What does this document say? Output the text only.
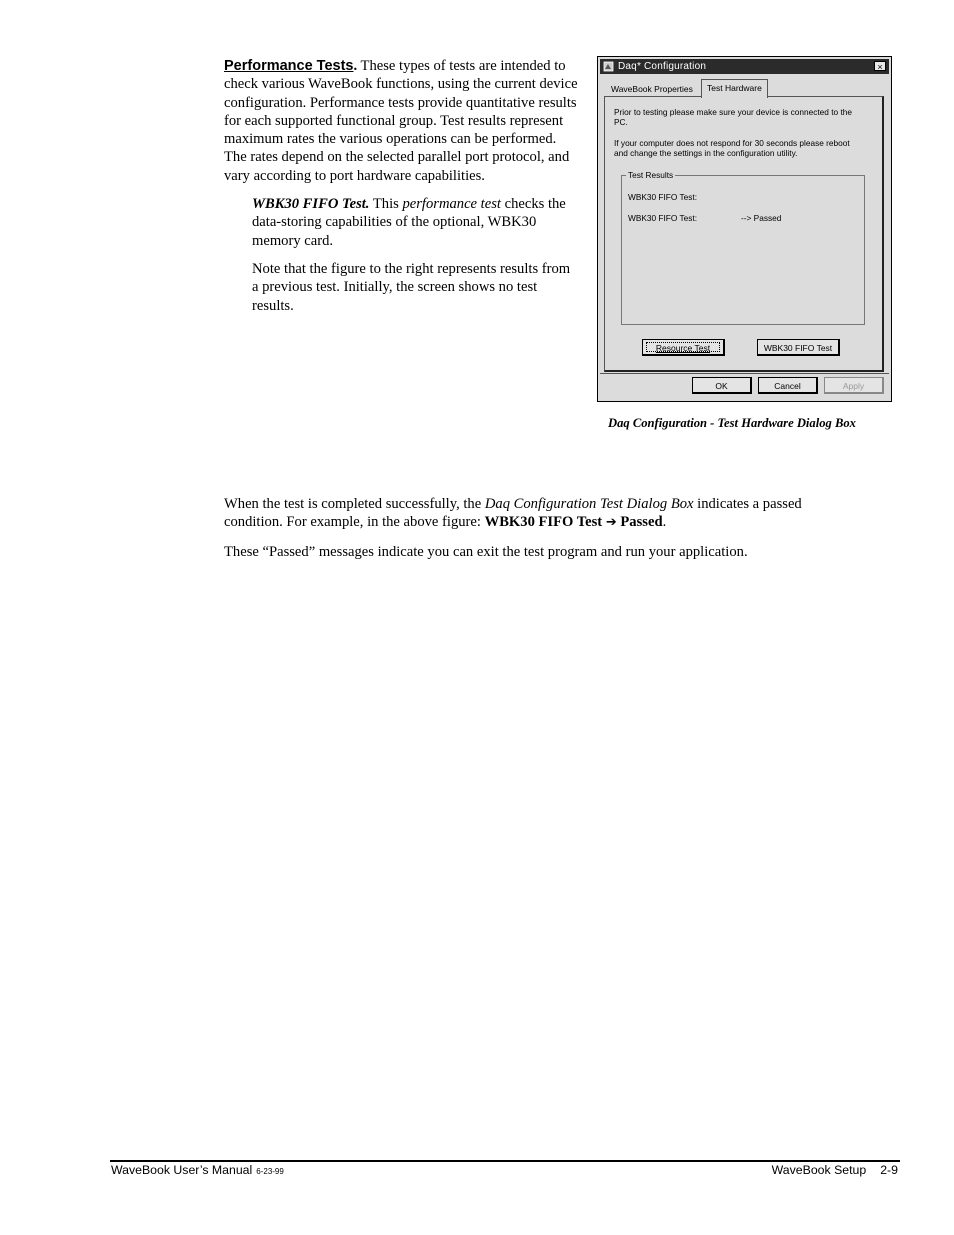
Performance Tests. These types of tests are intended to check various WaveBook functions, using the current device configuration. Performance tests provide quantitative results for each supported functional group. Test results represent maximum rates the various operations can be performed. The rates depend on the selected parallel port protocol, and vary according to port hardware capabilities.

WBK30 FIFO Test. This performance test checks the data-storing capabilities of the optional, WBK30 memory card.

Note that the figure to the right represents results from a previous test. Initially, the screen shows no test results.

Daq* Configuration	×
WaveBook Properties	Test Hardware
Prior to testing please make sure your device is connected to the PC.
If your computer does not respond for 30 seconds please reboot and change the settings in the configuration utility.
Test Results
WBK30 FIFO Test:
WBK30 FIFO Test:	--> Passed
Resource Test	WBK30 FIFO Test
OK	Cancel	Apply
Daq Configuration - Test Hardware Dialog Box

When the test is completed successfully, the Daq Configuration Test Dialog Box indicates a passed condition. For example, in the above figure: WBK30 FIFO Test ➔ Passed.

These “Passed” messages indicate you can exit the test program and run your application.

WaveBook User’s Manual 6-23-99	WaveBook Setup 2-9
